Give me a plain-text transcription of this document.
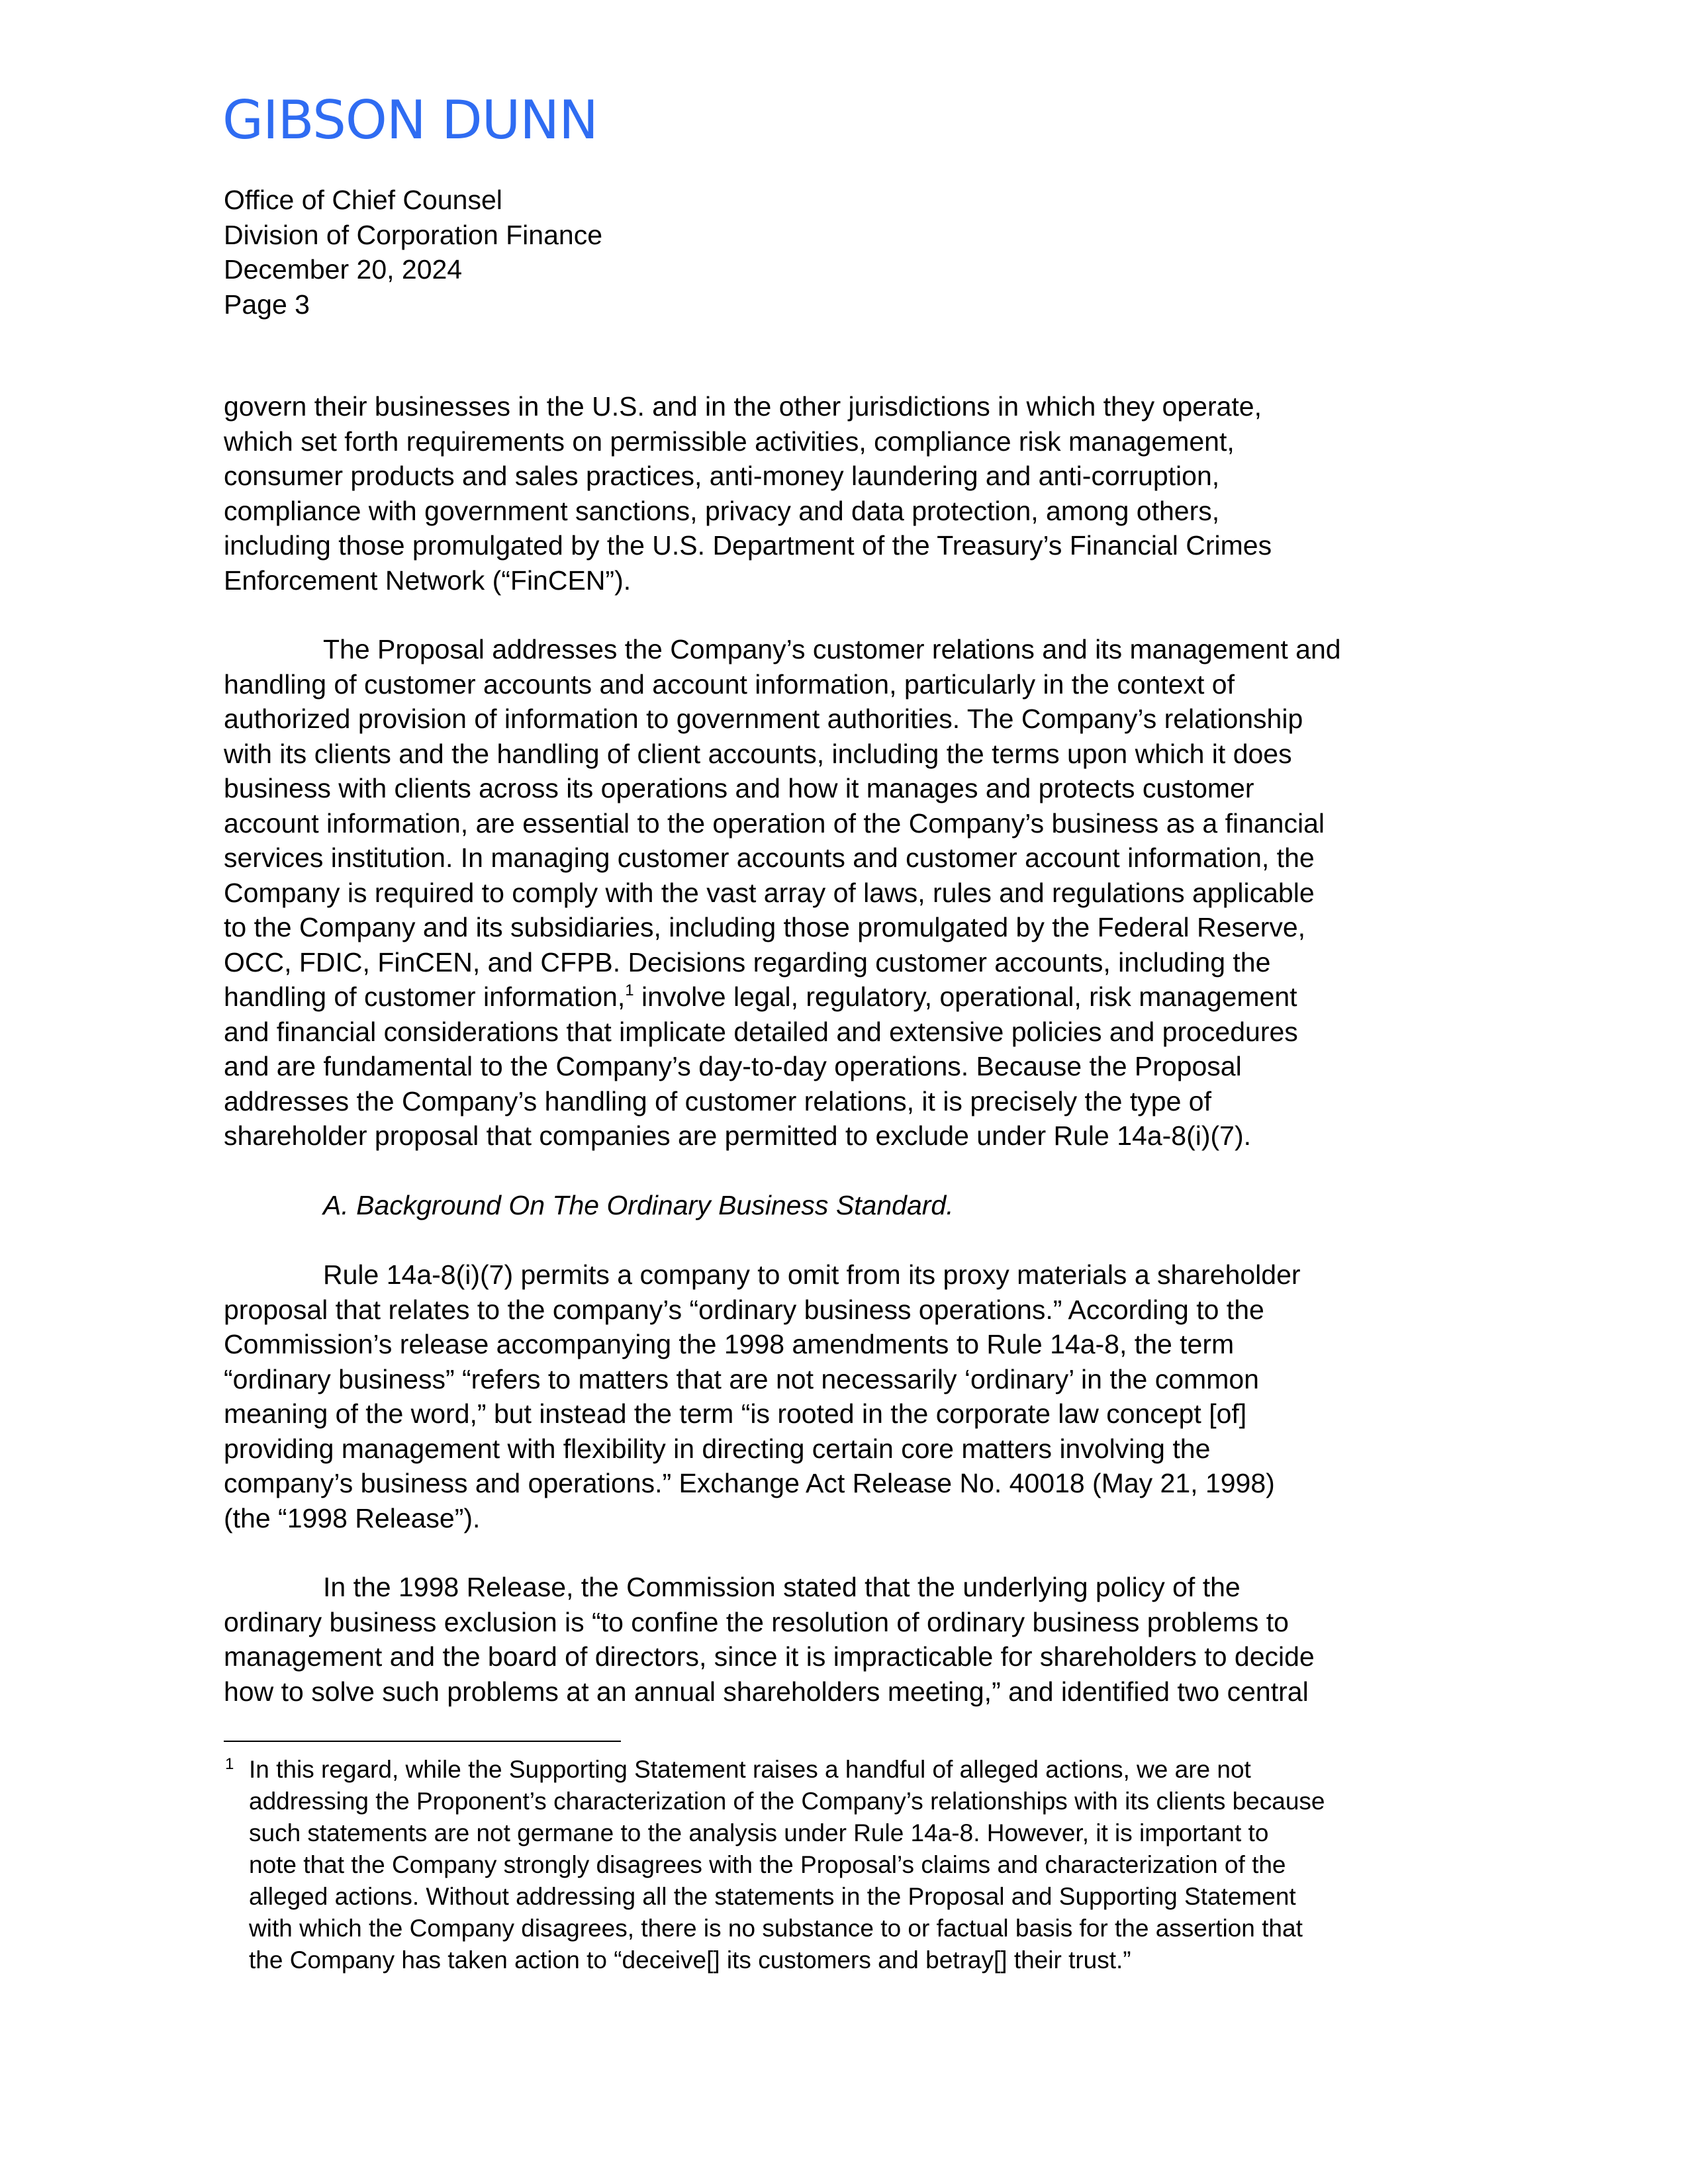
GIBSON DUNN
Office of Chief Counsel
Division of Corporation Finance
December 20, 2024
Page 3
govern their businesses in the U.S. and in the other jurisdictions in which they operate,
which set forth requirements on permissible activities, compliance risk management,
consumer products and sales practices, anti-money laundering and anti-corruption,
compliance with government sanctions, privacy and data protection, among others,
including those promulgated by the U.S. Department of the Treasury’s Financial Crimes
Enforcement Network (“FinCEN”).
The Proposal addresses the Company’s customer relations and its management and
handling of customer accounts and account information, particularly in the context of
authorized provision of information to government authorities. The Company’s relationship
with its clients and the handling of client accounts, including the terms upon which it does
business with clients across its operations and how it manages and protects customer
account information, are essential to the operation of the Company’s business as a financial
services institution. In managing customer accounts and customer account information, the
Company is required to comply with the vast array of laws, rules and regulations applicable
to the Company and its subsidiaries, including those promulgated by the Federal Reserve,
OCC, FDIC, FinCEN, and CFPB. Decisions regarding customer accounts, including the
handling of customer information,$^1$ involve legal, regulatory, operational, risk management
and financial considerations that implicate detailed and extensive policies and procedures
and are fundamental to the Company’s day-to-day operations. Because the Proposal
addresses the Company’s handling of customer relations, it is precisely the type of
shareholder proposal that companies are permitted to exclude under Rule 14a-8(i)(7).
A. Background On The Ordinary Business Standard.
Rule 14a-8(i)(7) permits a company to omit from its proxy materials a shareholder
proposal that relates to the company’s “ordinary business operations.” According to the
Commission’s release accompanying the 1998 amendments to Rule 14a-8, the term
“ordinary business” “refers to matters that are not necessarily ‘ordinary’ in the common
meaning of the word,” but instead the term “is rooted in the corporate law concept [of]
providing management with flexibility in directing certain core matters involving the
company’s business and operations.” Exchange Act Release No. 40018 (May 21, 1998)
(the “1998 Release”).
In the 1998 Release, the Commission stated that the underlying policy of the
ordinary business exclusion is “to confine the resolution of ordinary business problems to
management and the board of directors, since it is impracticable for shareholders to decide
how to solve such problems at an annual shareholders meeting,” and identified two central
1 In this regard, while the Supporting Statement raises a handful of alleged actions, we are not
addressing the Proponent’s characterization of the Company’s relationships with its clients because
such statements are not germane to the analysis under Rule 14a-8. However, it is important to
note that the Company strongly disagrees with the Proposal’s claims and characterization of the
alleged actions. Without addressing all the statements in the Proposal and Supporting Statement
with which the Company disagrees, there is no substance to or factual basis for the assertion that
the Company has taken action to “deceive[] its customers and betray[] their trust.”
